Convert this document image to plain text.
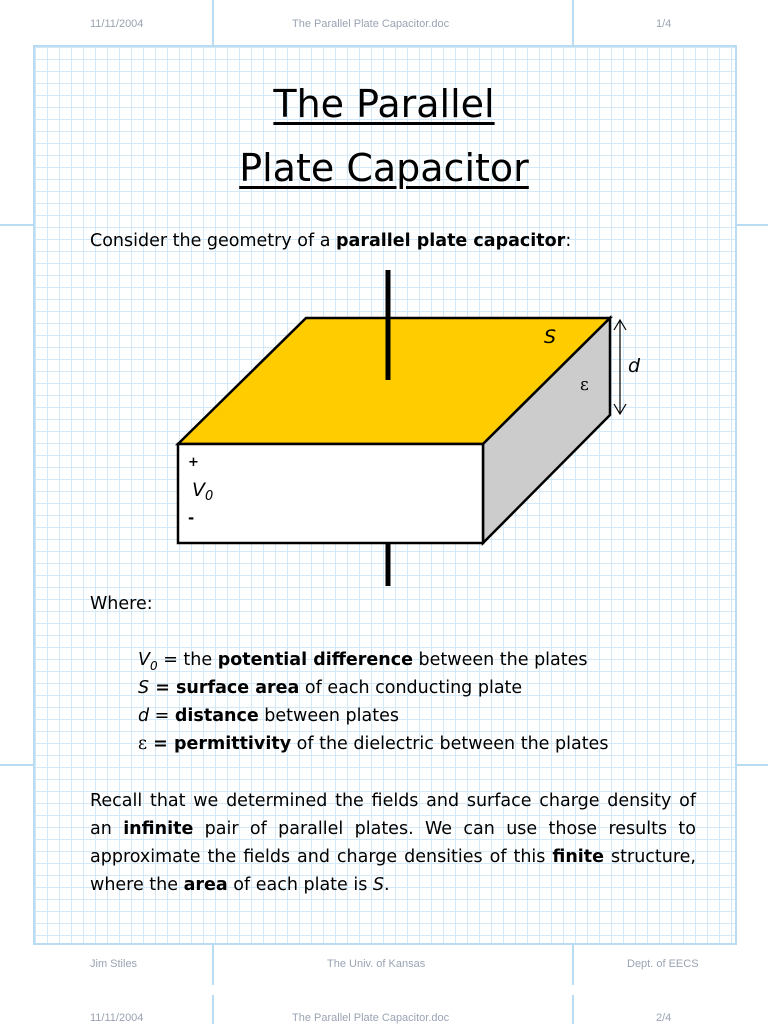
11/11/2004	The Parallel Plate Capacitor.doc	1/4
The Parallel
Plate Capacitor
Consider the geometry of a parallel plate capacitor:
S
d
ε
+
$V_0$
-
Where:
$V_0$ = the potential difference between the plates
S = surface area of each conducting plate
d = distance between plates
ε = permittivity of the dielectric between the plates
Recall that we determined the fields and surface charge density of an infinite pair of parallel plates. We can use those results to approximate the fields and charge densities of this finite structure, where the area of each plate is S.
Jim Stiles	The Univ. of Kansas	Dept. of EECS
11/11/2004	The Parallel Plate Capacitor.doc	2/4
